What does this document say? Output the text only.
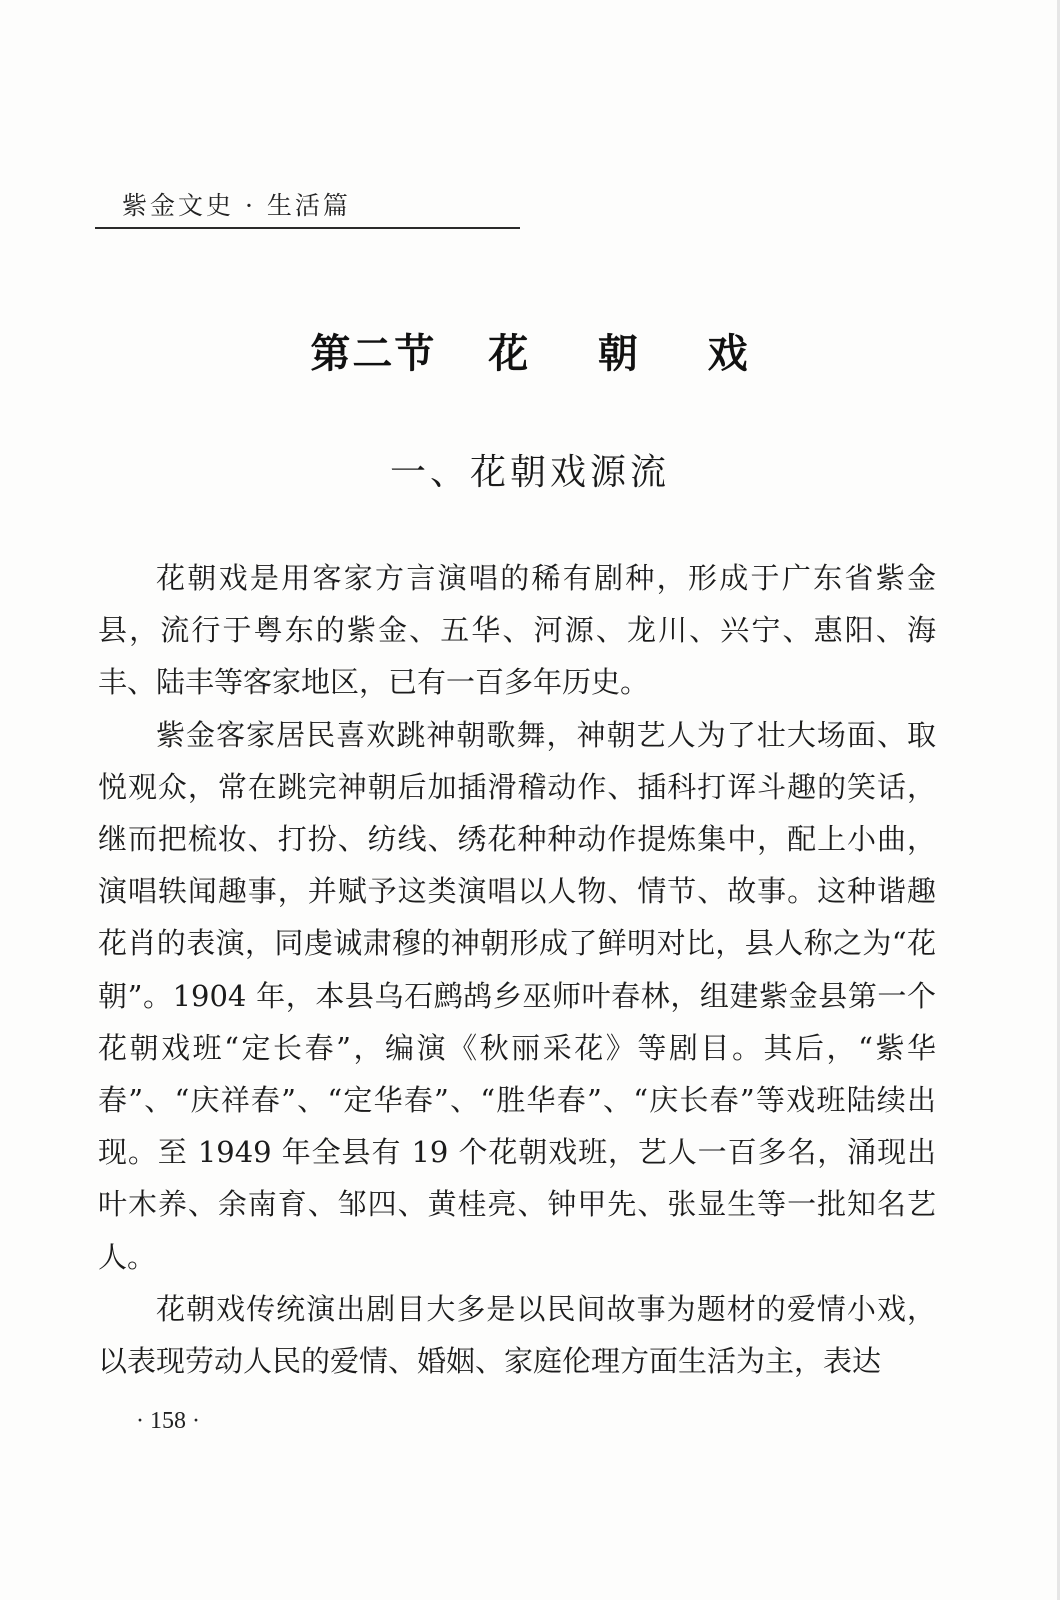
紫金文史 · 生活篇
第二节 花 朝 戏
一、花朝戏源流

花朝戏是用客家方言演唱的稀有剧种，形成于广东省紫金县，流行于粤东的紫金、五华、河源、龙川、兴宁、惠阳、海丰、陆丰等客家地区，已有一百多年历史。

紫金客家居民喜欢跳神朝歌舞，神朝艺人为了壮大场面、取悦观众，常在跳完神朝后加插滑稽动作、插科打诨斗趣的笑话，继而把梳妆、打扮、纺线、绣花种种动作提炼集中，配上小曲，演唱轶闻趣事，并赋予这类演唱以人物、情节、故事。这种谐趣花肖的表演，同虔诚肃穆的神朝形成了鲜明对比，县人称之为“花朝”。1904 年，本县乌石鹧鸪乡巫师叶春林，组建紫金县第一个花朝戏班“定长春”，编演《秋丽采花》等剧目。其后，“紫华春”、“庆祥春”、“定华春”、“胜华春”、“庆长春”等戏班陆续出现。至 1949 年全县有 19 个花朝戏班，艺人一百多名，涌现出叶木养、余南育、邹四、黄桂亮、钟甲先、张显生等一批知名艺人。

花朝戏传统演出剧目大多是以民间故事为题材的爱情小戏，以表现劳动人民的爱情、婚姻、家庭伦理方面生活为主，表达

· 158 ·
